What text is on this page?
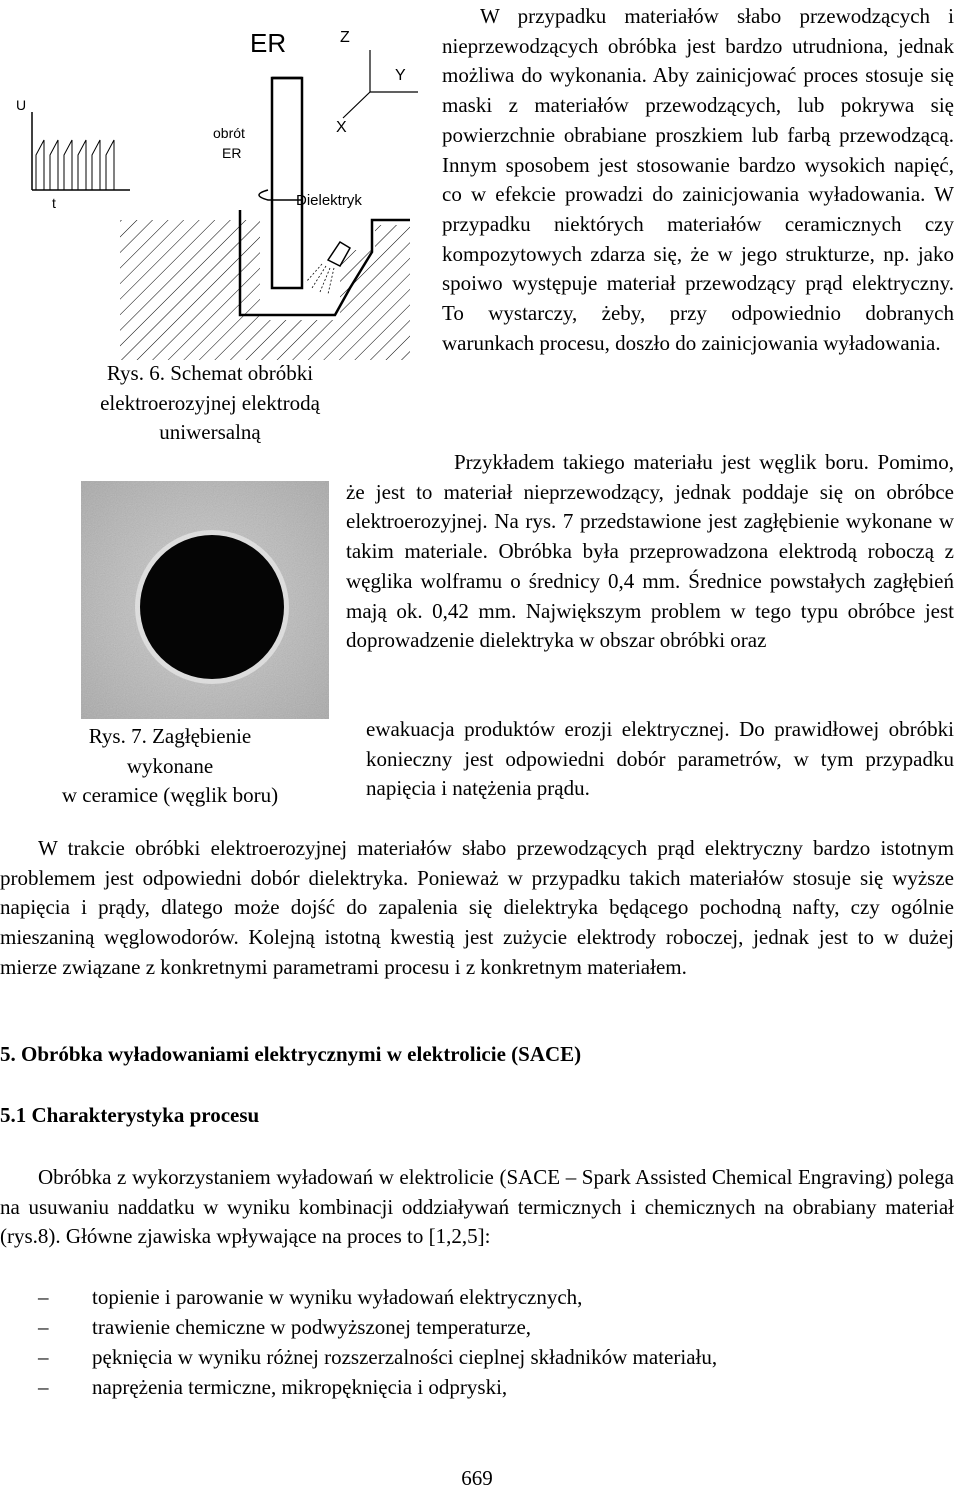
ER	Z
Y
X
U
t
obrót
ER
Dielektryk
Rys. 6. Schemat obróbki
elektroerozyjnej elektrodą
uniwersalną
Rys. 7. Zagłębienie
wykonane
w ceramice (węglik boru)

W przypadku materiałów słabo przewodzących i nieprzewodzących obróbka jest bardzo utrudniona, jednak możliwa do wykonania. Aby zainicjować proces stosuje się maski z materiałów przewodzących, lub pokrywa się powierzchnie obrabiane proszkiem lub farbą przewodzącą. Innym sposobem jest stosowanie bardzo wysokich napięć, co w efekcie prowadzi do zainicjowania wyładowania. W przypadku niektórych materiałów ceramicznych czy kompozytowych zdarza się, że w jego strukturze, np. jako spoiwo występuje materiał przewodzący prąd elektryczny. To wystarczy, żeby, przy odpowiednio dobranych warunkach procesu, doszło do zainicjowania wyładowania.

Przykładem takiego materiału jest węglik boru. Pomimo, że jest to materiał nieprzewodzący, jednak poddaje się on obróbce elektroerozyjnej. Na rys. 7 przedstawione jest zagłębienie wykonane w takim materiale. Obróbka była przeprowadzona elektrodą roboczą z węglika wolframu o średnicy 0,4 mm. Średnice powstałych zagłębień mają ok. 0,42 mm. Największym problem w tego typu obróbce jest doprowadzenie dielektryka w obszar obróbki oraz

ewakuacja produktów erozji elektrycznej. Do prawidłowej obróbki konieczny jest odpowiedni dobór parametrów, w tym przypadku napięcia i natężenia prądu.

W trakcie obróbki elektroerozyjnej materiałów słabo przewodzących prąd elektryczny bardzo istotnym problemem jest odpowiedni dobór dielektryka. Ponieważ w przypadku takich materiałów stosuje się wyższe napięcia i prądy, dlatego może dojść do zapalenia się dielektryka będącego pochodną nafty, czy ogólnie mieszaniną węglowodorów. Kolejną istotną kwestią jest zużycie elektrody roboczej, jednak jest to w dużej mierze związane z konkretnymi parametrami procesu i z konkretnym materiałem.

5. Obróbka wyładowaniami elektrycznymi w elektrolicie (SACE)
5.1 Charakterystyka procesu

Obróbka z wykorzystaniem wyładowań w elektrolicie (SACE – Spark Assisted Chemical Engraving) polega na usuwaniu naddatku w wyniku kombinacji oddziaływań termicznych i chemicznych na obrabiany materiał (rys.8). Główne zjawiska wpływające na proces to [1,2,5]:

– topienie i parowanie w wyniku wyładowań elektrycznych,
– trawienie chemiczne w podwyższonej temperaturze,
– pęknięcia w wyniku różnej rozszerzalności cieplnej składników materiału,
– naprężenia termiczne, mikropęknięcia i odpryski,
669
